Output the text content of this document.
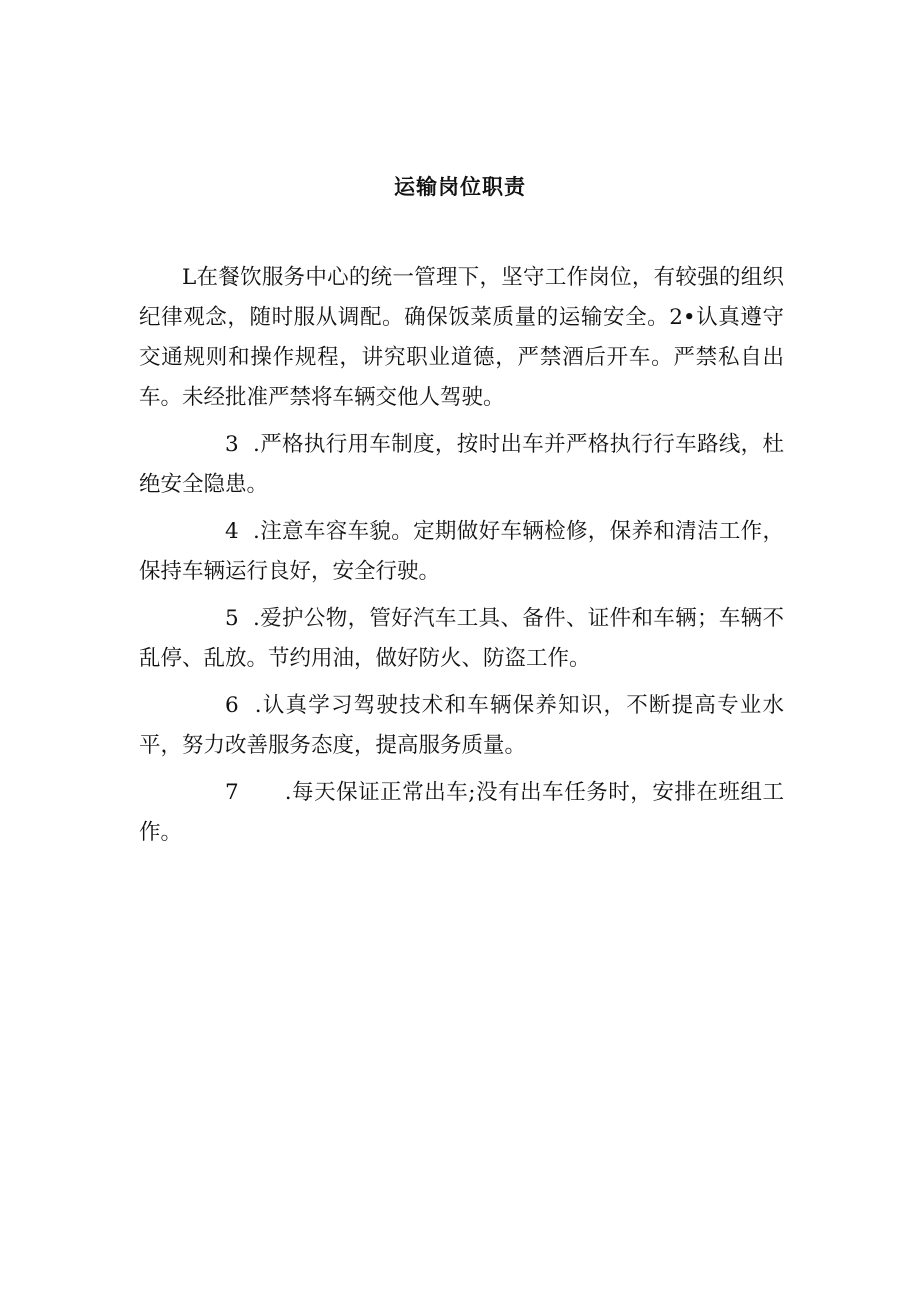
运输岗位职责

L在餐饮服务中心的统一管理下，坚守工作岗位，有较强的组织纪律观念，随时服从调配。确保饭菜质量的运输安全。2•认真遵守交通规则和操作规程，讲究职业道德，严禁酒后开车。严禁私自出车。未经批准严禁将车辆交他人驾驶。

3 .严格执行用车制度，按时出车并严格执行行车路线，杜绝安全隐患。

4 .注意车容车貌。定期做好车辆检修，保养和清洁工作，保持车辆运行良好，安全行驶。

5 .爱护公物，管好汽车工具、备件、证件和车辆；车辆不乱停、乱放。节约用油，做好防火、防盗工作。

6 .认真学习驾驶技术和车辆保养知识，不断提高专业水平，努力改善服务态度，提高服务质量。

7 .每天保证正常出车;没有出车任务时，安排在班组工作。
